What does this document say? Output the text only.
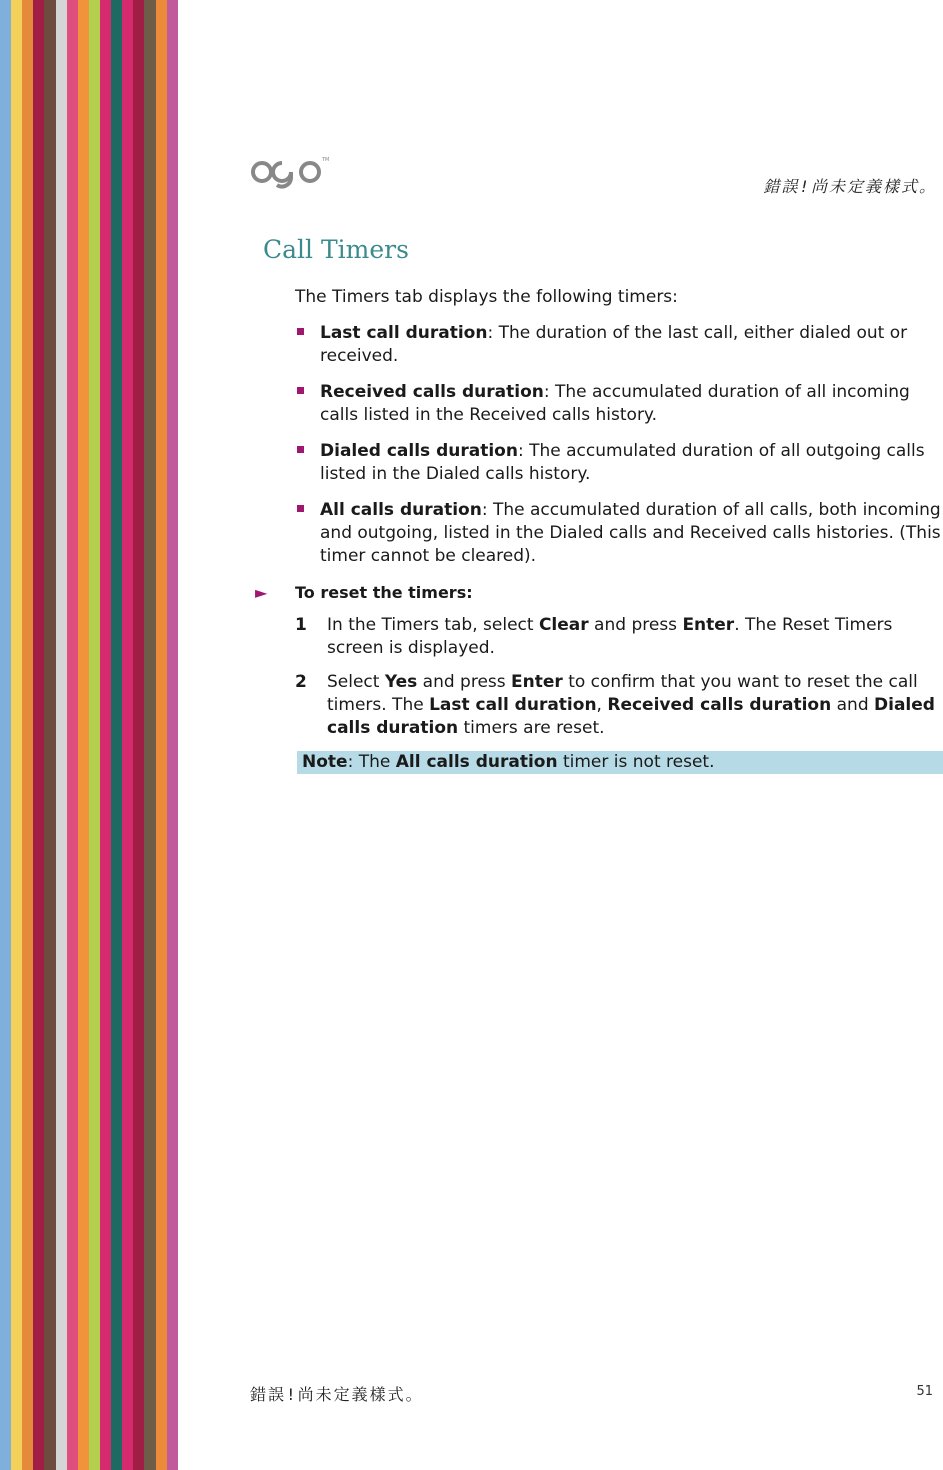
TM
錯誤!尚未定義樣式。
Call Timers

The Timers tab displays the following timers:

Last call duration: The duration of the last call, either dialed out or received.
Received calls duration: The accumulated duration of all incoming calls listed in the Received calls history.
Dialed calls duration: The accumulated duration of all outgoing calls listed in the Dialed calls history.
All calls duration: The accumulated duration of all calls, both incoming and outgoing, listed in the Dialed calls and Received calls histories. (This timer cannot be cleared).
► To reset the timers:
1 In the Timers tab, select Clear and press Enter. The Reset Timers screen is displayed.
2 Select Yes and press Enter to confirm that you want to reset the call timers. The Last call duration, Received calls duration and Dialed calls duration timers are reset.
Note: The All calls duration timer is not reset.
錯誤!尚未定義樣式。	51
